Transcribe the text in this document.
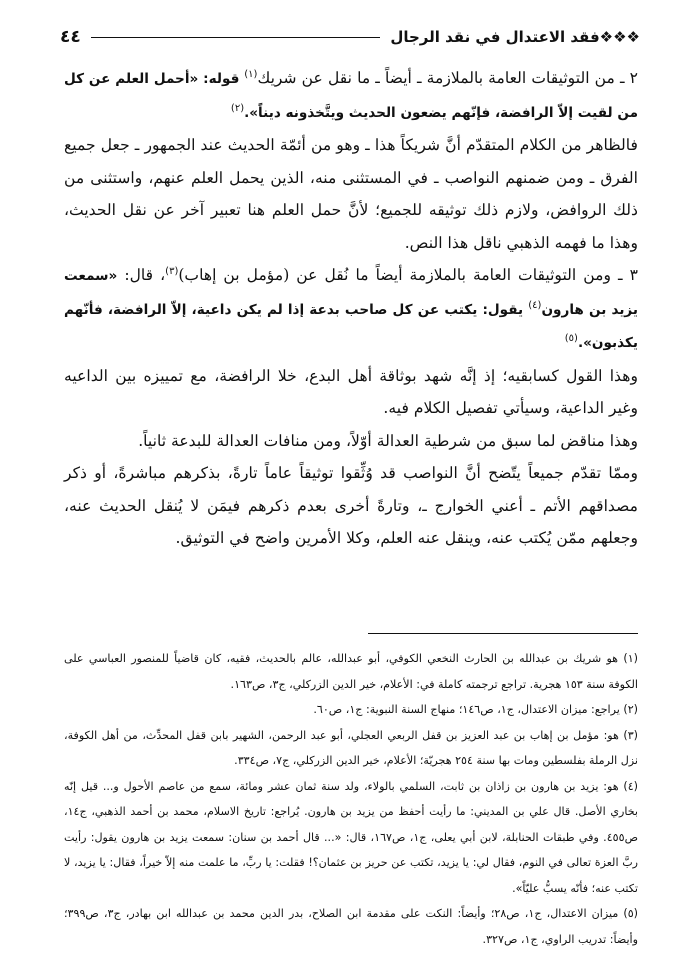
❖❖❖فقد الاعتدال في نقد الرجال
٤٤

٢ ـ من التوثيقات العامة بالملازمة ـ أيضاً ـ ما نقل عن شريك$^{(١)}$ قوله: «أحمل العلم عن كل من لقيت إلاّ الرافضة، فإنّهم يضعون الحديث ويتَّخذونه ديناً».$^{(٢)}$

فالظاهر من الكلام المتقدّم أنَّ شريكاً هذا ـ وهو من أئمّة الحديث عند الجمهور ـ جعل جميع الفرق ـ ومن ضمنهم النواصب ـ في المستثنى منه، الذين يحمل العلم عنهم، واستثنى من ذلك الروافض، ولازم ذلك توثيقه للجميع؛ لأنَّ حمل العلم هنا تعبير آخر عن نقل الحديث، وهذا ما فهمه الذهبي ناقل هذا النص.

٣ ـ ومن التوثيقات العامة بالملازمة أيضاً ما نُقل عن (مؤمل بن إهاب)$^{(٣)}$، قال: «سمعت يزيد بن هارون$^{(٤)}$ يقول: يكتب عن كل صاحب بدعة إذا لم يكن داعية، إلاّ الرافضة، فأنّهم يكذبون».$^{(٥)}$

وهذا القول كسابقيه؛ إذ إنَّه شهد بوثاقة أهل البدع، خلا الرافضة، مع تمييزه بين الداعيه وغير الداعية، وسيأتي تفصيل الكلام فيه.

وهذا مناقض لما سبق من شرطية العدالة أوّلاً، ومن منافات العدالة للبدعة ثانياً.

وممّا تقدّم جميعاً يتّضح أنَّ النواصب قد وُثِّقوا توثيقاً عاماً تارةً، بذكرهم مباشرةً، أو ذكر مصداقهم الأتم ـ أعني الخوارج ـ، وتارةً أخرى بعدم ذكرهم فيمَن لا يُنقل الحديث عنه، وجعلهم ممّن يُكتب عنه، وينقل عنه العلم، وكلا الأمرين واضح في التوثيق.

(١) هو شريك بن عبدالله بن الحارث النخعي الكوفي، أبو عبدالله، عالم بالحديث، فقيه، كان قاضياً للمنصور العباسي على الكوفة سنة ١٥٣ هجرية. تراجع ترجمته كاملة في: الأعلام، خير الدين الزركلي، ج٣، ص١٦٣.

(٢) يراجع: ميزان الاعتدال، ج١، ص١٤٦؛ منهاج السنة النبوية: ج١، ص٦٠.

(٣) هو: مؤمل بن إهاب بن عبد العزيز بن قفل الربعي العجلي، أبو عبد الرحمن، الشهير بابن قفل المحدِّث، من أهل الكوفة، نزل الرملة بفلسطين ومات بها سنة ٢٥٤ هجريّة؛ الأعلام، خير الدين الزركلي، ج٧، ص٣٣٤.

(٤) هو: يزيد بن هارون بن زاذان بن ثابت، السلمي بالولاء، ولد سنة ثمان عشر ومائة، سمع من عاصم الأحول و... قيل إنّه بخاري الأصل. قال علي بن المديني: ما رأيت أحفظ من يزيد بن هارون. يُراجع: تاريخ الاسلام، محمد بن أحمد الذهبي، ج١٤، ص٤٥٥. وفي طبقات الحنابلة، لابن أبي يعلى، ج١، ص١٦٧، قال: «... قال أحمد بن سنان: سمعت يزيد بن هارون يقول: رأيت ربَّ العزة تعالى في النوم، فقال لي: يا يزيد، تكتب عن حريز بن عثمان؟! فقلت: يا ربِّ، ما علمت منه إلاّ خيراً، فقال: يا يزيد، لا تكتب عنه؛ فأنّه يسبُّ عليّاً».

(٥) ميزان الاعتدال، ج١، ص٢٨؛ وأيضاً: النكت على مقدمة ابن الصلاح، بدر الدين محمد بن عبدالله ابن بهادر، ج٣، ص٣٩٩؛ وأيضاً: تدريب الراوي، ج١، ص٣٢٧.
